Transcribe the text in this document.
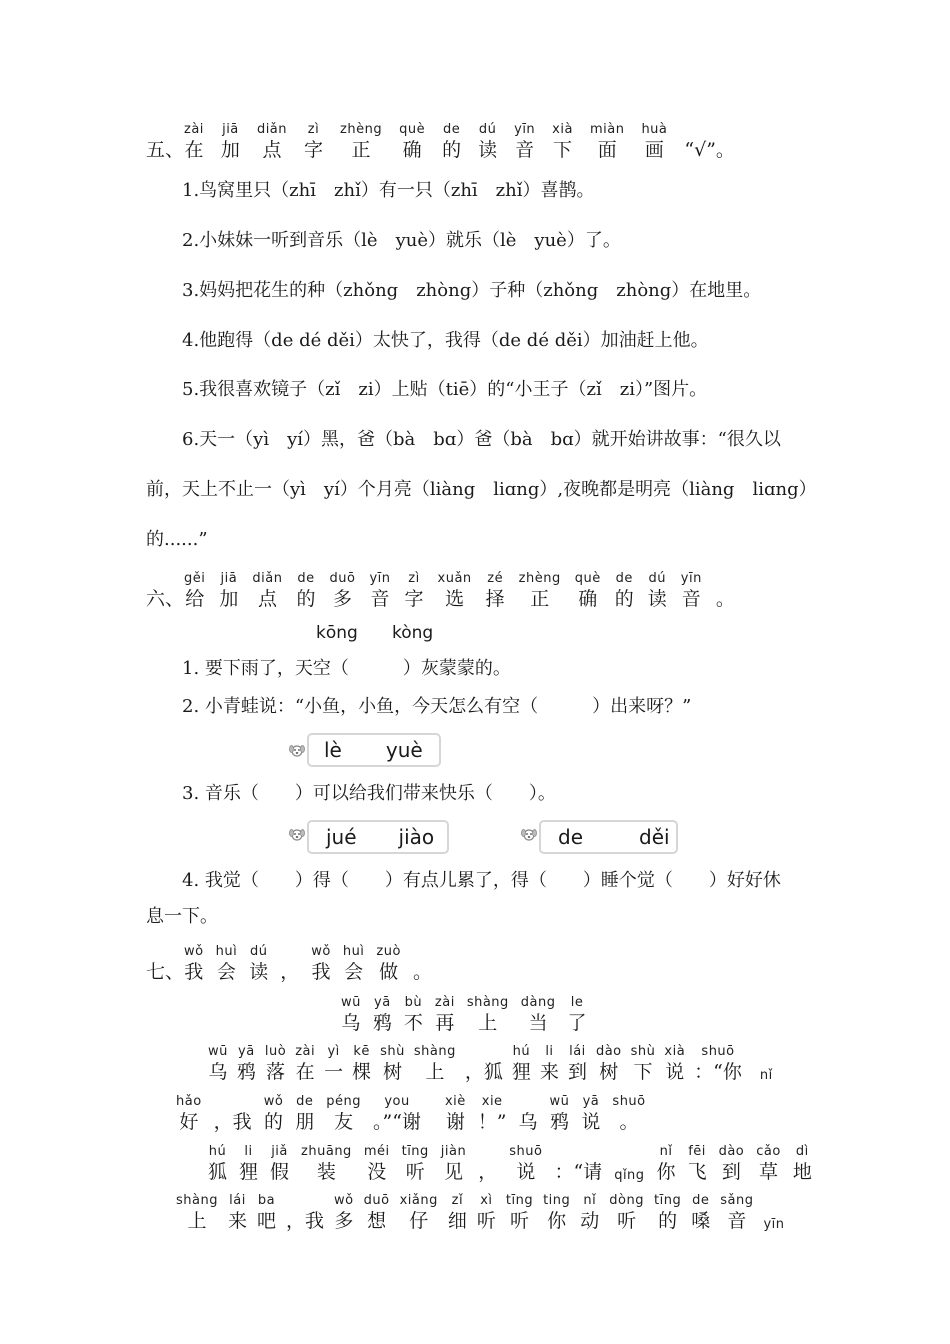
五、
zài
在
jiā
加
diǎn
点
zì
字
zhèng
正
què
确
de
的
dú
读
yīn
音
xià
下
miàn
面
huà
画 “√”。
1.鸟窝里只（zhī　zhǐ）有一只（zhī　zhǐ）喜鹊。
2.小妹妹一听到音乐（lè　yuè）就乐（lè　yuè）了。
3.妈妈把花生的种（zhǒng　zhòng）子种（zhǒng　zhòng）在地里。
4.他跑得（de dé děi）太快了，我得（de dé děi）加油赶上他。
5.我很喜欢镜子（zǐ　zi）上贴（tiē）的“小王子（zǐ　zi）”图片。
6.天一（yì　yí）黑，爸（bà　bɑ）爸（bà　bɑ）就开始讲故事：“很久以
前，天上不止一（yì　yí）个月亮（liàng　liɑng）,夜晚都是明亮（liàng　liɑng）
的......”
六、
gěi
给
jiā
加
diǎn
点
de
的
duō
多
yīn
音
zì
字
xuǎn
选
zé
择
zhèng
正
què
确
de
的
dú
读
yīn
音 。
kōng kòng
1. 要下雨了，天空（　　　）灰蒙蒙的。
2. 小青蛙说：“小鱼，小鱼，今天怎么有空（　　　）出来呀？”
lè yuè
3. 音乐（　　）可以给我们带来快乐（　　）。
jué jiào	de	děi
4. 我觉（　　）得（　　）有点儿累了，得（　　）睡个觉（　　）好好休
息一下。
七、
wǒ
我
huì
会
dú
读 ，
wǒ
我
huì
会
zuò
做 。
wū
乌
yā
鸦
bù
不
zài
再
shàng
上
dàng
当
le
了
wū
乌
yā
鸦
luò
落
zài
在
yì
一
kē
棵
shù
树
shàng
上 ，狐
hú
狸
li
来
lái
到
dào
树
shù
下
xià
说
shuō
：“你 nǐ
hǎo
好 ，我
wǒ
的
de
朋
péng
友
you
。”“谢
xiè
谢
xie
！” 乌
wū
鸦
yā
说
shuō
。
hú
狐
li
狸
jiǎ
假
zhuāng
装
méi
没
tīng
听
jiàn
见 ，
shuō
说 ：“请 qǐng
nǐ
你
fēi
飞
dào
到
cǎo
草
dì
地
shàng
上
lái
来
ba
吧 ，我
wǒ
多
duō
想
xiǎng
仔
zǐ
细
xì
听
tīng
听
ting
你
nǐ
动
dòng
听
tīng
的
de
嗓
sǎng
音 yīn
